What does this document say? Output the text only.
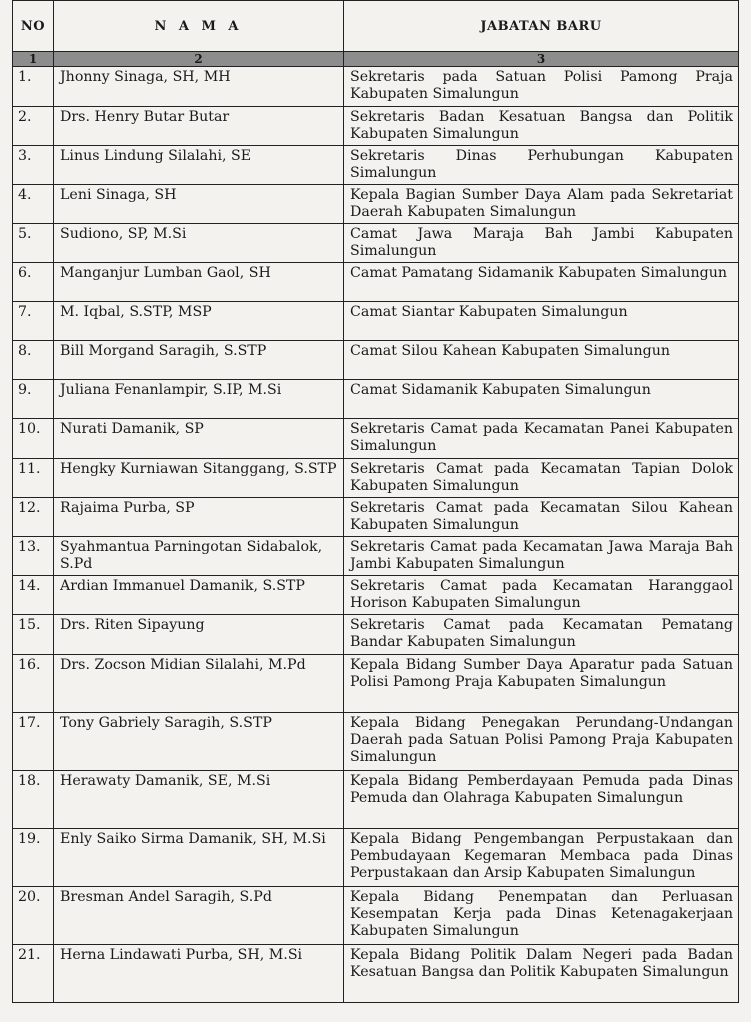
NO	N A M A	JABATAN BARU
1	2	3
1.	Jhonny Sinaga, SH, MH	Sekretaris pada Satuan Polisi Pamong Praja Kabupaten Simalungun
2.	Drs. Henry Butar Butar	Sekretaris Badan Kesatuan Bangsa dan Politik Kabupaten Simalungun
3.	Linus Lindung Silalahi, SE	Sekretaris Dinas Perhubungan Kabupaten Simalungun
4.	Leni Sinaga, SH	Kepala Bagian Sumber Daya Alam pada Sekretariat Daerah Kabupaten Simalungun
5.	Sudiono, SP, M.Si	Camat Jawa Maraja Bah Jambi Kabupaten Simalungun
6.	Manganjur Lumban Gaol, SH	Camat Pamatang Sidamanik Kabupaten Simalungun
7.	M. Iqbal, S.STP, MSP	Camat Siantar Kabupaten Simalungun
8.	Bill Morgand Saragih, S.STP	Camat Silou Kahean Kabupaten Simalungun
9.	Juliana Fenanlampir, S.IP, M.Si	Camat Sidamanik Kabupaten Simalungun
10.	Nurati Damanik, SP	Sekretaris Camat pada Kecamatan Panei Kabupaten Simalungun
11.	Hengky Kurniawan Sitanggang, S.STP	Sekretaris Camat pada Kecamatan Tapian Dolok Kabupaten Simalungun
12.	Rajaima Purba, SP	Sekretaris Camat pada Kecamatan Silou Kahean Kabupaten Simalungun
13.	Syahmantua Parningotan Sidabalok, S.Pd	Sekretaris Camat pada Kecamatan Jawa Maraja Bah Jambi Kabupaten Simalungun
14.	Ardian Immanuel Damanik, S.STP	Sekretaris Camat pada Kecamatan Haranggaol Horison Kabupaten Simalungun
15.	Drs. Riten Sipayung	Sekretaris Camat pada Kecamatan Pematang Bandar Kabupaten Simalungun
16.	Drs. Zocson Midian Silalahi, M.Pd	Kepala Bidang Sumber Daya Aparatur pada Satuan Polisi Pamong Praja Kabupaten Simalungun
17.	Tony Gabriely Saragih, S.STP	Kepala Bidang Penegakan Perundang-Undangan Daerah pada Satuan Polisi Pamong Praja Kabupaten Simalungun
18.	Herawaty Damanik, SE, M.Si	Kepala Bidang Pemberdayaan Pemuda pada Dinas Pemuda dan Olahraga Kabupaten Simalungun
19.	Enly Saiko Sirma Damanik, SH, M.Si	Kepala Bidang Pengembangan Perpustakaan dan Pembudayaan Kegemaran Membaca pada Dinas Perpustakaan dan Arsip Kabupaten Simalungun
20.	Bresman Andel Saragih, S.Pd	Kepala Bidang Penempatan dan Perluasan Kesempatan Kerja pada Dinas Ketenagakerjaan Kabupaten Simalungun
21.	Herna Lindawati Purba, SH, M.Si	Kepala Bidang Politik Dalam Negeri pada Badan Kesatuan Bangsa dan Politik Kabupaten Simalungun
